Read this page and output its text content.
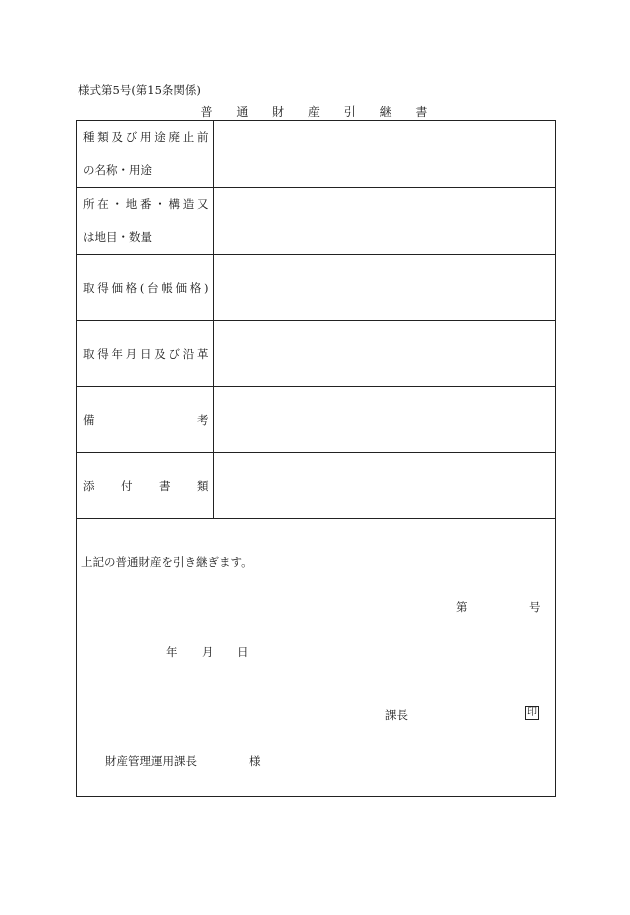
様式第5号(第15条関係)
普 通 財 産 引 継 書
種類及び用途廃止前
の名称・用途	

所在・地番・構造又
は地目・数量	

取得価格(台帳価格)	

取得年月日及び沿革	

備考	

添付書類	

上記の普通財産を引き継ぎます。
第	号
年 月 日
課長	印
財産管理運用課長	様
